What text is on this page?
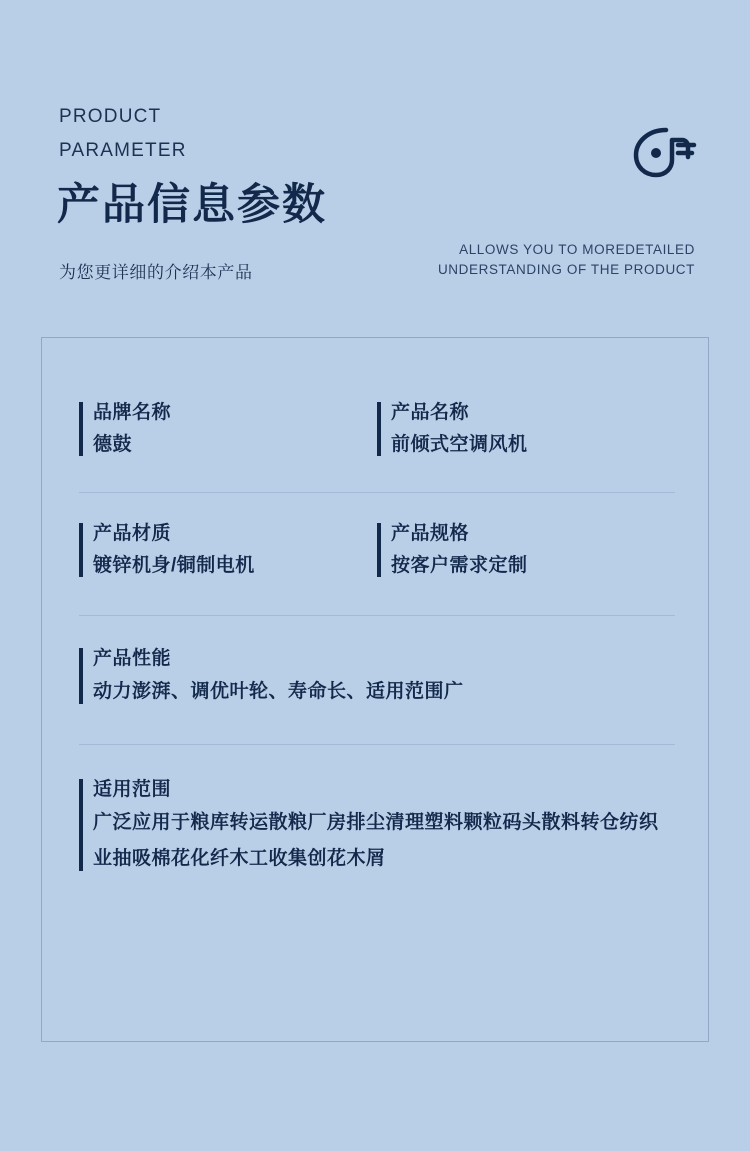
PRODUCT
PARAMETER
产品信息参数
为您更详细的介绍本产品
ALLOWS YOU TO MOREDETAILED
UNDERSTANDING OF THE PRODUCT
品牌名称
德鼓
产品名称
前倾式空调风机
产品材质
镀锌机身/铜制电机
产品规格
按客户需求定制
产品性能
动力澎湃、调优叶轮、寿命长、适用范围广
适用范围
广泛应用于粮库转运散粮厂房排尘清理塑料颗粒码头散料转仓纺织业抽吸棉花化纤木工收集创花木屑
